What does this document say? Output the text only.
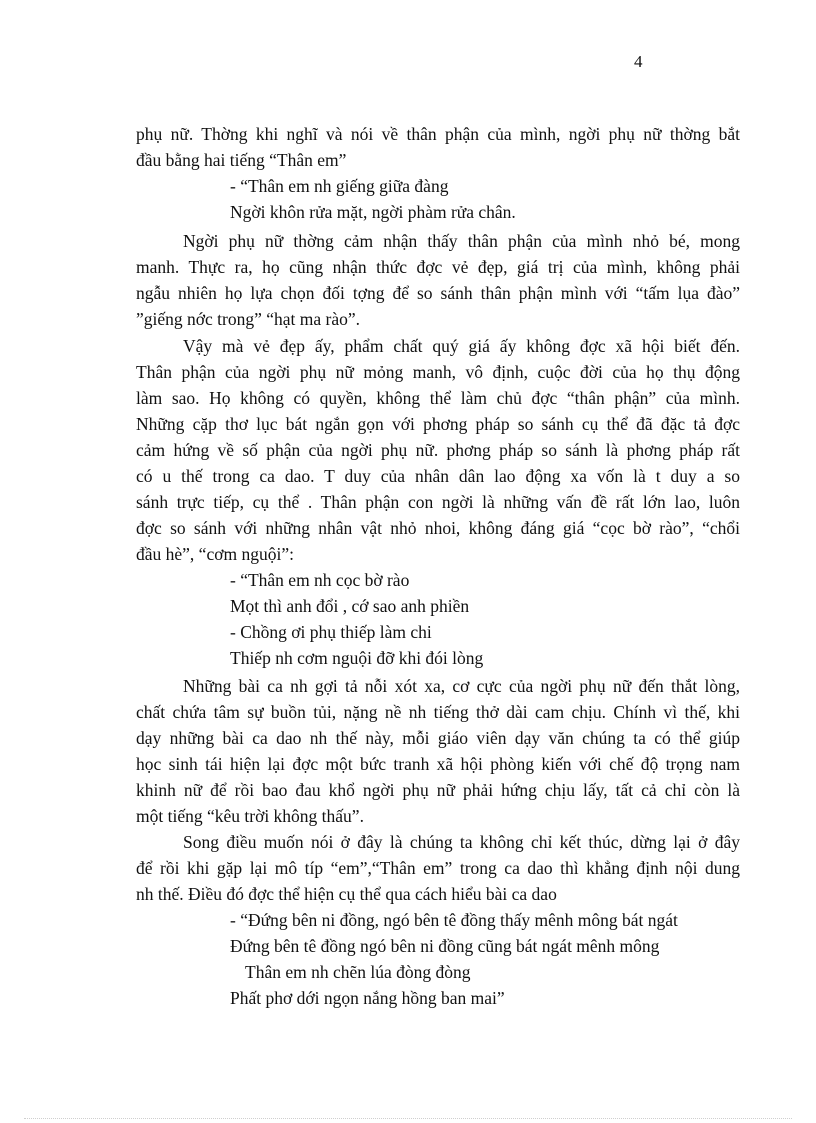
4
phụ nữ. Thờng khi nghĩ và nói về thân phận của mình, ngời phụ nữ thờng bắt
đầu bằng hai tiếng “Thân em”
- “Thân em nh giếng giữa đàng
Ngời khôn rửa mặt, ngời phàm rửa chân.
Ngời phụ nữ thờng cảm nhận thấy thân phận của mình nhỏ bé, mong
manh. Thực ra, họ cũng nhận thức đợc vẻ đẹp, giá trị của mình, không phải
ngẫu nhiên họ lựa chọn đối tợng để so sánh thân phận mình với “tấm lụa đào”
”giếng nớc trong” “hạt ma rào”.
Vậy mà vẻ đẹp ấy, phẩm chất quý giá ấy không đợc xã hội biết đến.
Thân phận của ngời phụ nữ mỏng manh, vô định, cuộc đời của họ thụ động
làm sao. Họ không có quyền, không thể làm chủ đợc “thân phận” của mình.
Những cặp thơ lục bát ngắn gọn với phơng pháp so sánh cụ thể đã đặc tả đợc
cảm hứng về số phận của ngời phụ nữ. phơng pháp so sánh là phơng pháp rất
có u thế trong ca dao. T duy của nhân dân lao động xa vốn là t duy a so
sánh trực tiếp, cụ thể . Thân phận con ngời là những vấn đề rất lớn lao, luôn
đợc so sánh với những nhân vật nhỏ nhoi, không đáng giá “cọc bờ rào”, “chổi
đầu hè”, “cơm nguội”:
- “Thân em nh cọc bờ rào
Mọt thì anh đổi , cớ sao anh phiền
- Chồng ơi phụ thiếp làm chi
Thiếp nh cơm nguội đỡ khi đói lòng
Những bài ca nh gợi tả nỗi xót xa, cơ cực của ngời phụ nữ đến thắt lòng,
chất chứa tâm sự buồn tủi, nặng nề nh tiếng thở dài cam chịu. Chính vì thế, khi
dạy những bài ca dao nh thế này, mỗi giáo viên dạy văn chúng ta có thể giúp
học sinh tái hiện lại đợc một bức tranh xã hội phòng kiến với chế độ trọng nam
khinh nữ để rồi bao đau khổ ngời phụ nữ phải hứng chịu lấy, tất cả chỉ còn là
một tiếng “kêu trời không thấu”.
Song điều muốn nói ở đây là chúng ta không chỉ kết thúc, dừng lại ở đây
để rồi khi gặp lại mô típ “em”,“Thân em” trong ca dao thì khẳng định nội dung
nh thế. Điều đó đợc thể hiện cụ thể qua cách hiểu bài ca dao
- “Đứng bên ni đồng, ngó bên tê đồng thấy mênh mông bát ngát
Đứng bên tê đồng ngó bên ni đồng cũng bát ngát mênh mông
Thân em nh chẽn lúa đòng đòng
Phất phơ dới ngọn nắng hồng ban mai”
